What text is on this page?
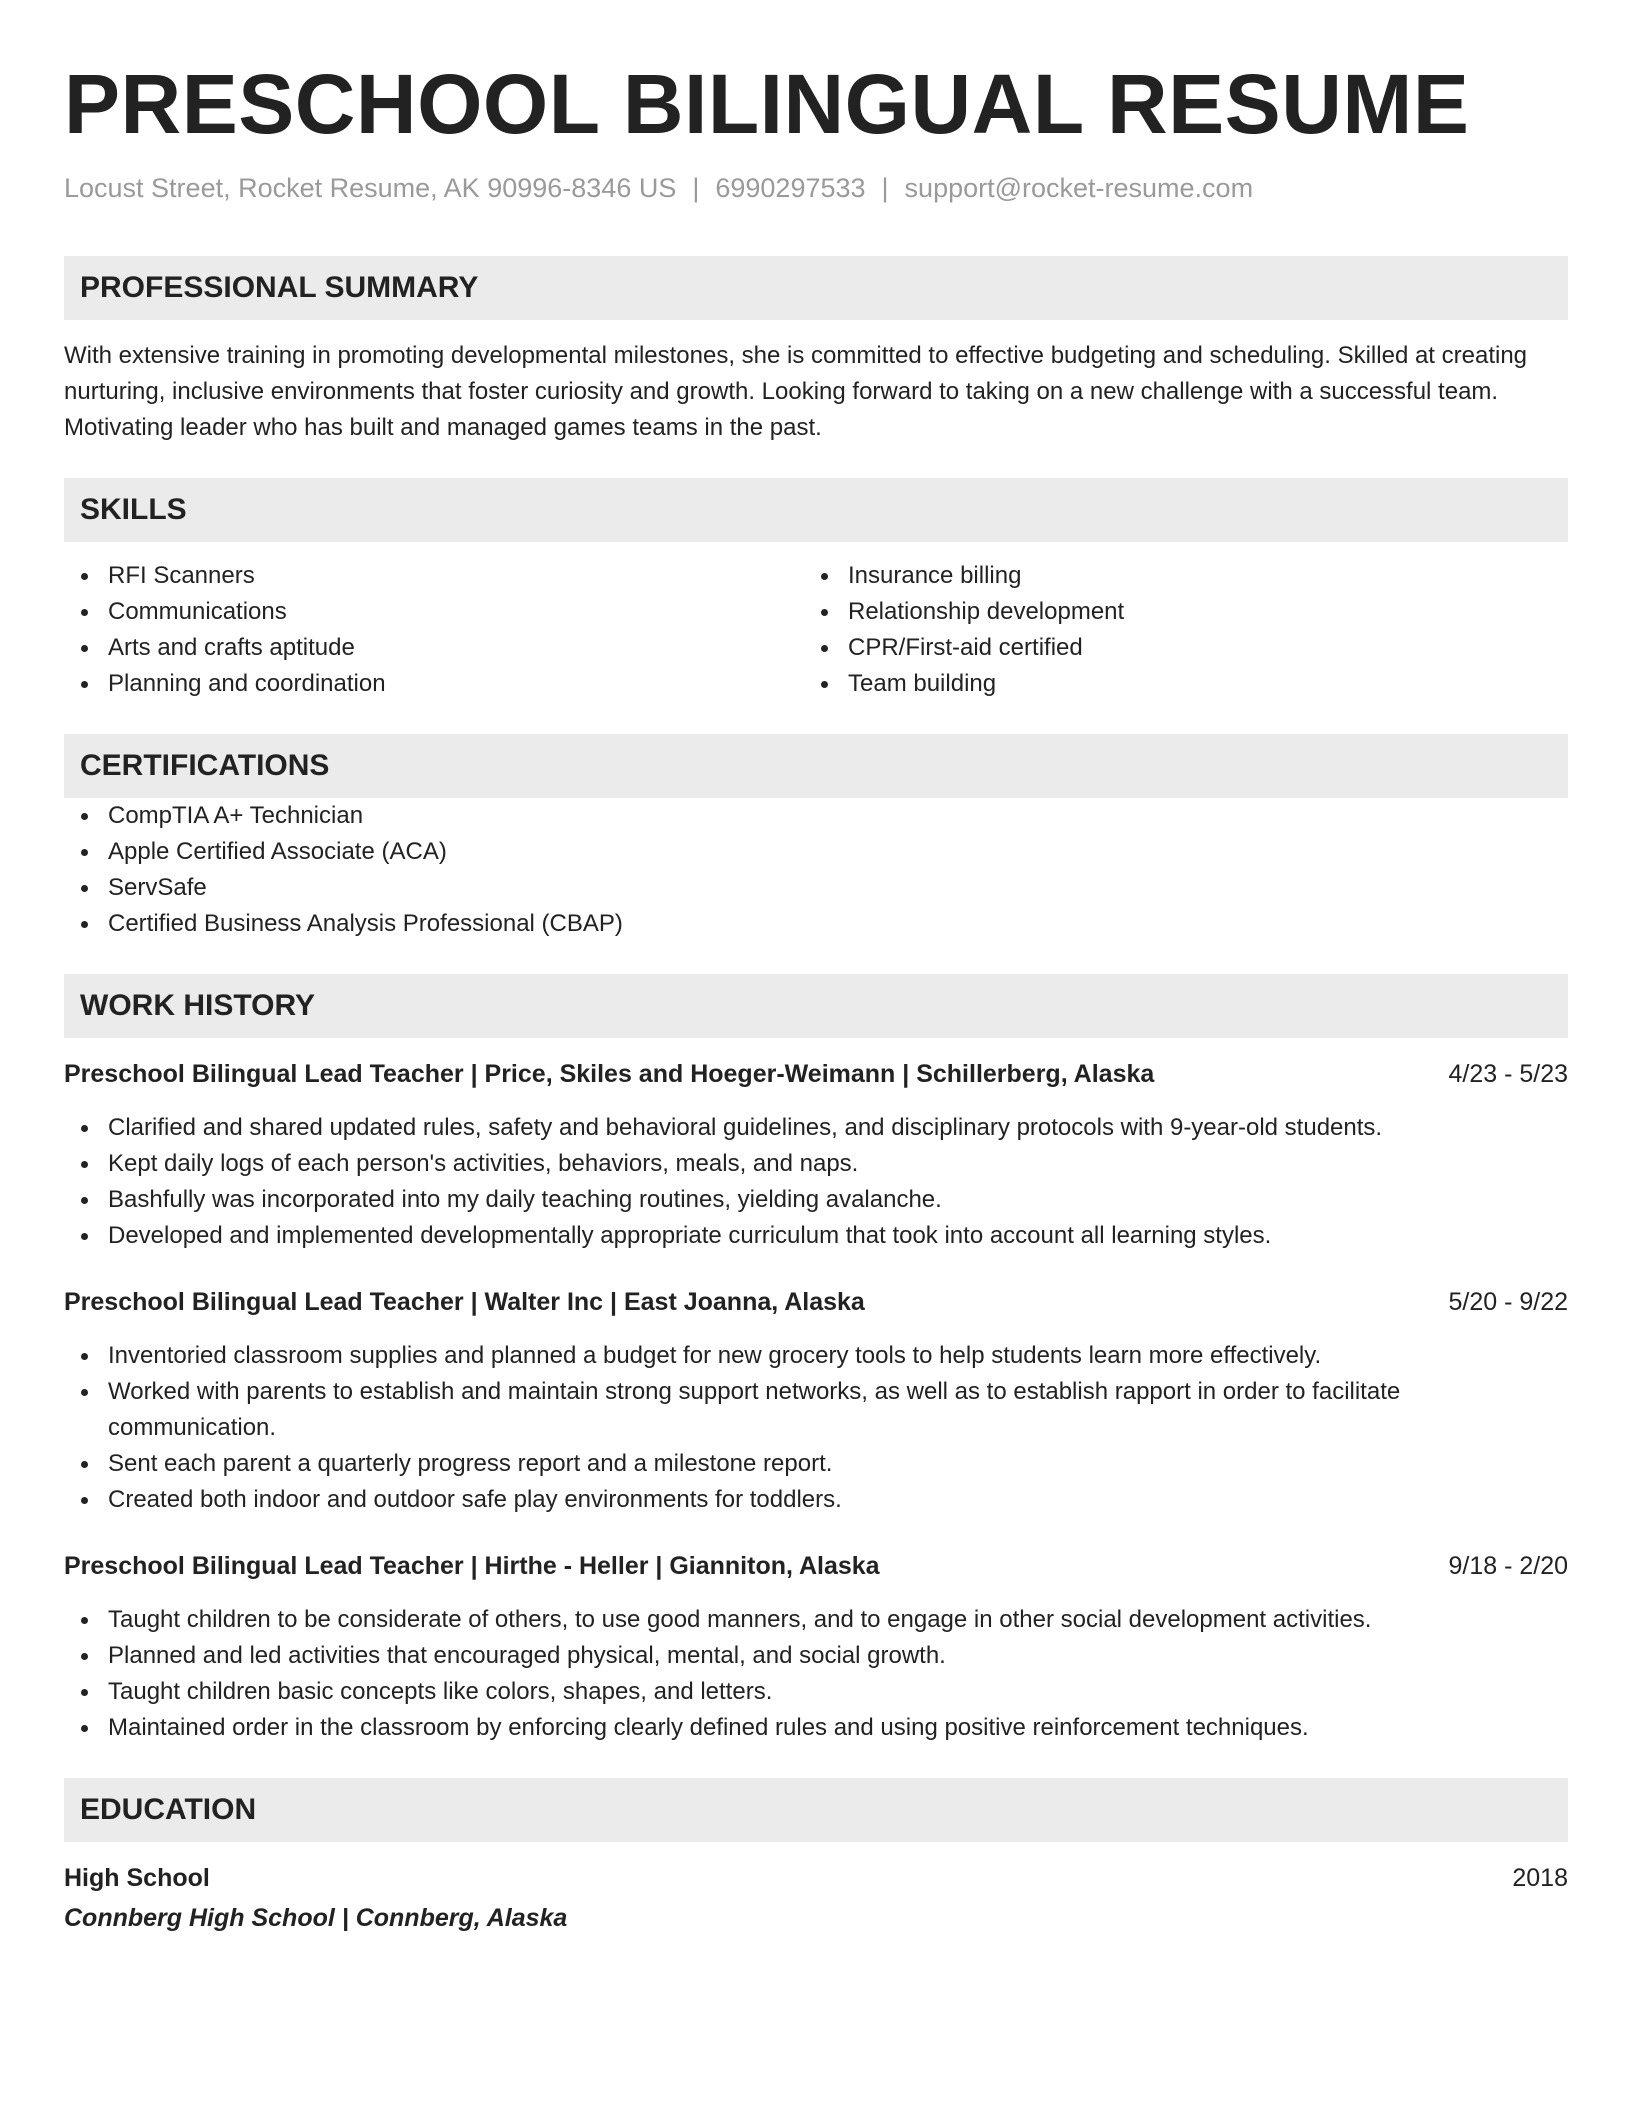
PRESCHOOL BILINGUAL RESUME
Locust Street, Rocket Resume, AK 90996-8346 US | 6990297533 | support@rocket-resume.com
PROFESSIONAL SUMMARY
With extensive training in promoting developmental milestones, she is committed to effective budgeting and scheduling. Skilled at creating nurturing, inclusive environments that foster curiosity and growth. Looking forward to taking on a new challenge with a successful team. Motivating leader who has built and managed games teams in the past.
SKILLS
RFI Scanners
Communications
Arts and crafts aptitude
Planning and coordination
Insurance billing
Relationship development
CPR/First-aid certified
Team building
CERTIFICATIONS
CompTIA A+ Technician
Apple Certified Associate (ACA)
ServSafe
Certified Business Analysis Professional (CBAP)
WORK HISTORY
Preschool Bilingual Lead Teacher | Price, Skiles and Hoeger-Weimann | Schillerberg, Alaska	4/23 - 5/23
Clarified and shared updated rules, safety and behavioral guidelines, and disciplinary protocols with 9-year-old students.
Kept daily logs of each person's activities, behaviors, meals, and naps.
Bashfully was incorporated into my daily teaching routines, yielding avalanche.
Developed and implemented developmentally appropriate curriculum that took into account all learning styles.
Preschool Bilingual Lead Teacher | Walter Inc | East Joanna, Alaska	5/20 - 9/22
Inventoried classroom supplies and planned a budget for new grocery tools to help students learn more effectively.
Worked with parents to establish and maintain strong support networks, as well as to establish rapport in order to facilitate communication.
Sent each parent a quarterly progress report and a milestone report.
Created both indoor and outdoor safe play environments for toddlers.
Preschool Bilingual Lead Teacher | Hirthe - Heller | Gianniton, Alaska	9/18 - 2/20
Taught children to be considerate of others, to use good manners, and to engage in other social development activities.
Planned and led activities that encouraged physical, mental, and social growth.
Taught children basic concepts like colors, shapes, and letters.
Maintained order in the classroom by enforcing clearly defined rules and using positive reinforcement techniques.
EDUCATION
High School	2018
Connberg High School | Connberg, Alaska
